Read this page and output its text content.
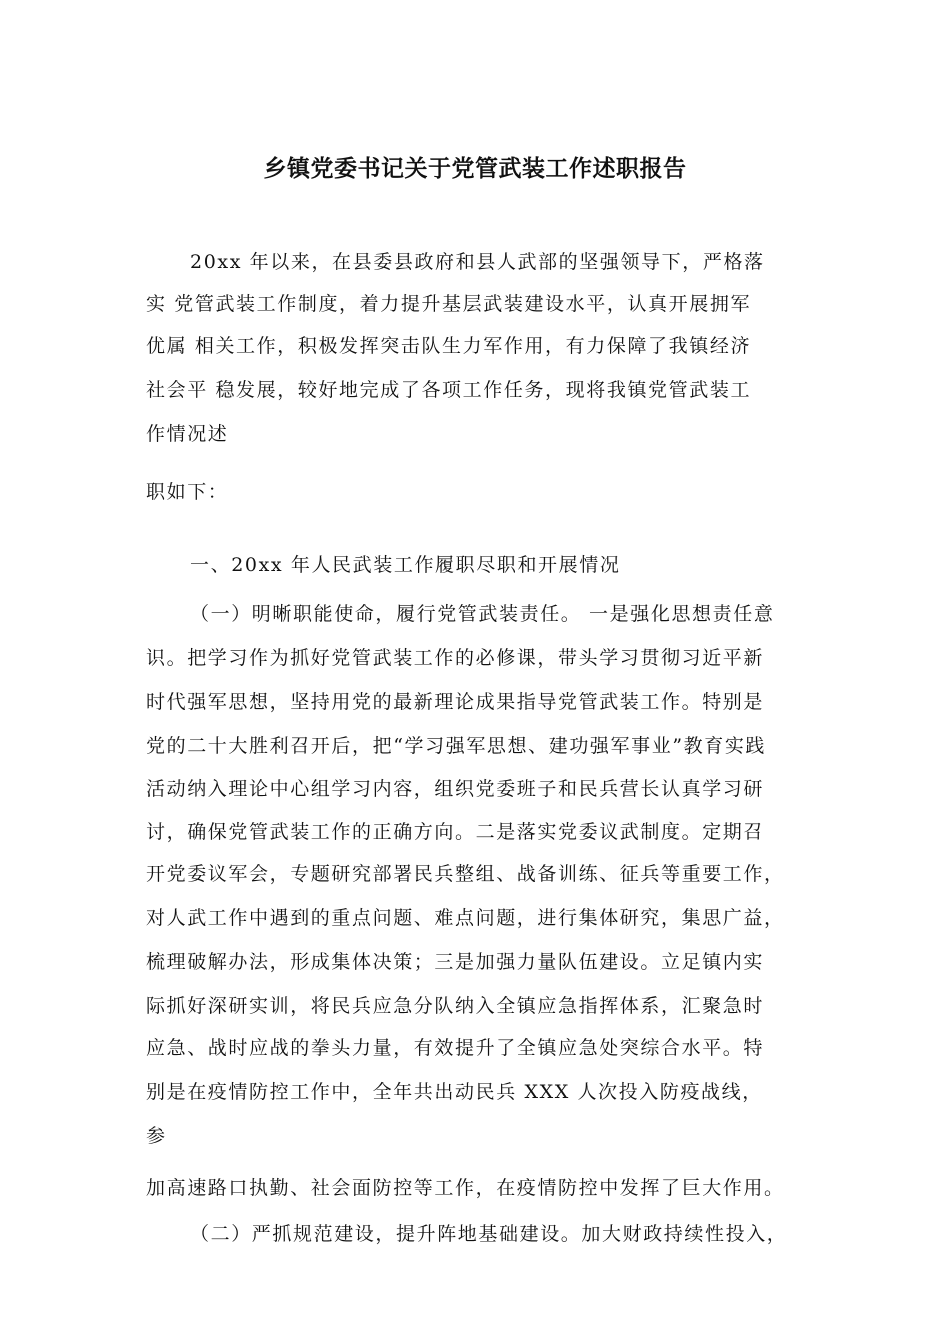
乡镇党委书记关于党管武装工作述职报告
20xx 年以来，在县委县政府和县人武部的坚强领导下，严格落
实 党管武装工作制度，着力提升基层武装建设水平，认真开展拥军
优属 相关工作，积极发挥突击队生力军作用，有力保障了我镇经济
社会平 稳发展，较好地完成了各项工作任务，现将我镇党管武装工
作情况述
职如下：
一、20xx 年人民武装工作履职尽职和开展情况
（一）明晰职能使命，履行党管武装责任。 一是强化思想责任意
识。把学习作为抓好党管武装工作的必修课，带头学习贯彻习近平新
时代强军思想，坚持用党的最新理论成果指导党管武装工作。特别是
党的二十大胜利召开后，把“学习强军思想、建功强军事业”教育实践
活动纳入理论中心组学习内容，组织党委班子和民兵营长认真学习研
讨，确保党管武装工作的正确方向。二是落实党委议武制度。定期召
开党委议军会，专题研究部署民兵整组、战备训练、征兵等重要工作，
对人武工作中遇到的重点问题、难点问题，进行集体研究，集思广益，
梳理破解办法，形成集体决策；三是加强力量队伍建设。立足镇内实
际抓好深研实训，将民兵应急分队纳入全镇应急指挥体系，汇聚急时
应急、战时应战的拳头力量，有效提升了全镇应急处突综合水平。特
别是在疫情防控工作中，全年共出动民兵 XXX 人次投入防疫战线，
参
加高速路口执勤、社会面防控等工作，在疫情防控中发挥了巨大作用。
（二）严抓规范建设，提升阵地基础建设。加大财政持续性投入，
